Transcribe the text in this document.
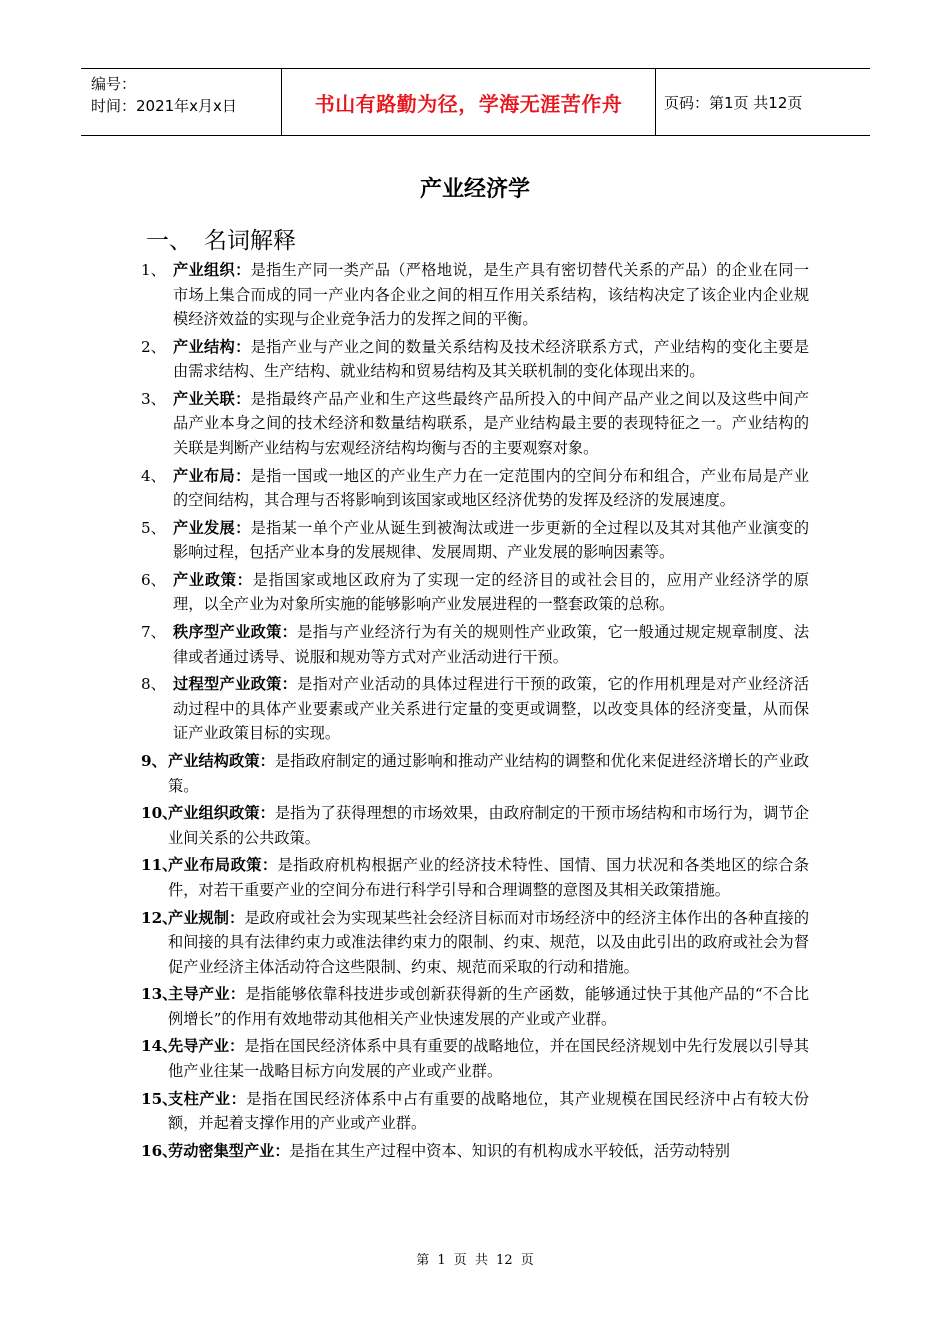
编号：
时间：2021年x月x日	书山有路勤为径，学海无涯苦作舟	页码：第1页 共12页
产业经济学
一、 名词解释
1、 产业组织：是指生产同一类产品（严格地说，是生产具有密切替代关系的产品）的企业在同一市场上集合而成的同一产业内各企业之间的相互作用关系结构，该结构决定了该企业内企业规模经济效益的实现与企业竞争活力的发挥之间的平衡。
2、 产业结构：是指产业与产业之间的数量关系结构及技术经济联系方式，产业结构的变化主要是由需求结构、生产结构、就业结构和贸易结构及其关联机制的变化体现出来的。
3、 产业关联：是指最终产品产业和生产这些最终产品所投入的中间产品产业之间以及这些中间产品产业本身之间的技术经济和数量结构联系，是产业结构最主要的表现特征之一。产业结构的关联是判断产业结构与宏观经济结构均衡与否的主要观察对象。
4、 产业布局：是指一国或一地区的产业生产力在一定范围内的空间分布和组合，产业布局是产业的空间结构，其合理与否将影响到该国家或地区经济优势的发挥及经济的发展速度。
5、 产业发展：是指某一单个产业从诞生到被淘汰或进一步更新的全过程以及其对其他产业演变的影响过程，包括产业本身的发展规律、发展周期、产业发展的影响因素等。
6、 产业政策：是指国家或地区政府为了实现一定的经济目的或社会目的，应用产业经济学的原理，以全产业为对象所实施的能够影响产业发展进程的一整套政策的总称。
7、 秩序型产业政策：是指与产业经济行为有关的规则性产业政策，它一般通过规定规章制度、法律或者通过诱导、说服和规劝等方式对产业活动进行干预。
8、 过程型产业政策：是指对产业活动的具体过程进行干预的政策，它的作用机理是对产业经济活动过程中的具体产业要素或产业关系进行定量的变更或调整，以改变具体的经济变量，从而保证产业政策目标的实现。
9、 产业结构政策：是指政府制定的通过影响和推动产业结构的调整和优化来促进经济增长的产业政策。
10、
产业组织政策：是指为了获得理想的市场效果，由政府制定的干预市场结构和市场行为，调节企业间关系的公共政策。
11、
产业布局政策：是指政府机构根据产业的经济技术特性、国情、国力状况和各类地区的综合条件，对若干重要产业的空间分布进行科学引导和合理调整的意图及其相关政策措施。
12、
产业规制：是政府或社会为实现某些社会经济目标而对市场经济中的经济主体作出的各种直接的和间接的具有法律约束力或准法律约束力的限制、约束、规范，以及由此引出的政府或社会为督促产业经济主体活动符合这些限制、约束、规范而采取的行动和措施。
13、
主导产业：是指能够依靠科技进步或创新获得新的生产函数，能够通过快于其他产品的“不合比例增长”的作用有效地带动其他相关产业快速发展的产业或产业群。
14、
先导产业：是指在国民经济体系中具有重要的战略地位，并在国民经济规划中先行发展以引导其他产业往某一战略目标方向发展的产业或产业群。
15、
支柱产业：是指在国民经济体系中占有重要的战略地位，其产业规模在国民经济中占有较大份额，并起着支撑作用的产业或产业群。
16、
劳动密集型产业：是指在其生产过程中资本、知识的有机构成水平较低，活劳动特别
第 1 页 共 12 页
